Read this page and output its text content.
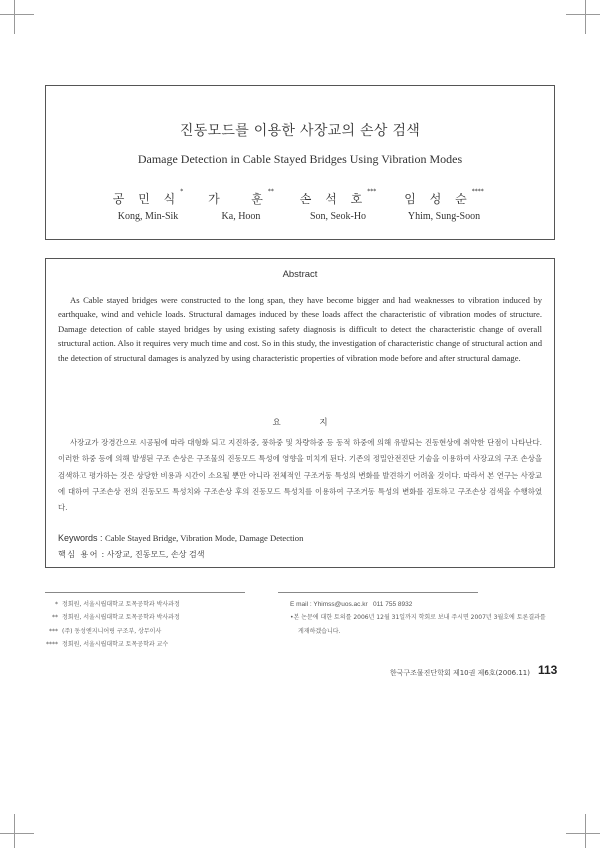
진동모드를 이용한 사장교의 손상 검색
Damage Detection in Cable Stayed Bridges Using Vibration Modes
공 민 식*
Kong, Min-Sik
가   훈**
Ka, Hoon
손 석 호***
Son, Seok-Ho
임 성 순****
Yhim, Sung-Soon
Abstract

As Cable stayed bridges were constructed to the long span, they have become bigger and had weaknesses to vibration induced by earthquake, wind and vehicle loads. Structural damages induced by these loads affect the characteristic of vibration modes of structure. Damage detection of cable stayed bridges by using existing safety diagnosis is difficult to detect the characteristic change of overall structural action. Also it requires very much time and cost. So in this study, the investigation of characteristic change of structural action and the detection of structural damages is analyzed by using characteristic properties of vibration mode before and after structural damage.

요 지

사장교가 장경간으로 시공됨에 따라 대형화 되고 지진하중, 풍하중 및 차량하중 등 동적 하중에 의해 유발되는 진동현상에 취약한 단점이 나타난다. 이러한 하중 등에 의해 발생된 구조 손상은 구조물의 진동모드 특성에 영향을 미치게 된다. 기존의 정밀안전진단 기술을 이용하여 사장교의 구조 손상을 검색하고 평가하는 것은 상당한 비용과 시간이 소요될 뿐만 아니라 전체적인 구조거동 특성의 변화를 발견하기 어려울 것이다. 따라서 본 연구는 사장교에 대하여 구조손상 전의 진동모드 특성치와 구조손상 후의 진동모드 특성치를 이용하여 구조거동 특성의 변화를 검토하고 구조손상 검색을 수행하였다.

Keywords : Cable Stayed Bridge, Vibration Mode, Damage Detection
핵심 용어 : 사장교, 진동모드, 손상 검색
* 정회원, 서울시립대학교 토목공학과 박사과정
** 정회원, 서울시립대학교 토목공학과 박사과정
*** (주) 동성엔지니어링 구조부, 상무이사
**** 정회원, 서울시립대학교 토목공학과 교수
E mail : Yhimss@uos.ac.kr   011 755 8932
•본 논문에 대한 토의를 2006년 12월 31일까지 학회로 보내 주시면 2007년 3월호에 토론결과를 게재하겠습니다.
한국구조물진단학회 제10권 제6호(2006.11) 113
